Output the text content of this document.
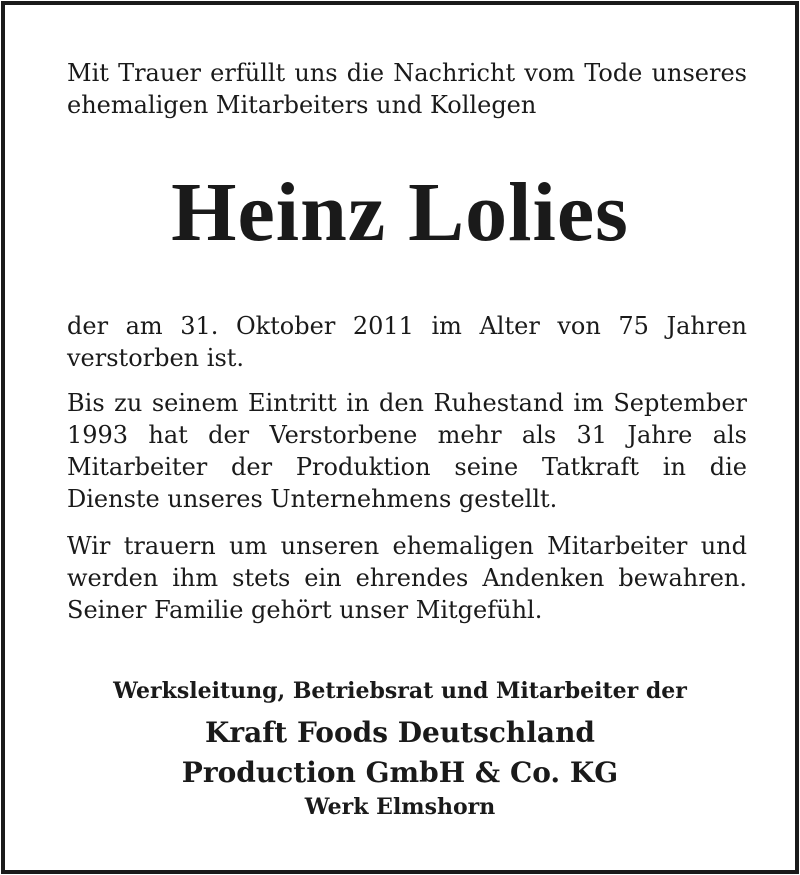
Mit Trauer erfüllt uns die Nachricht vom Tode unseres ehemaligen Mitarbeiters und Kollegen

Heinz Lolies

der am 31. Oktober 2011 im Alter von 75 Jahren verstorben ist.

Bis zu seinem Eintritt in den Ruhestand im September 1993 hat der Verstorbene mehr als 31 Jahre als Mitarbeiter der Produktion seine Tatkraft in die Dienste unseres Unternehmens gestellt.

Wir trauern um unseren ehemaligen Mitarbeiter und werden ihm stets ein ehrendes Andenken bewahren. Seiner Familie gehört unser Mitgefühl.

Werksleitung, Betriebsrat und Mitarbeiter der

Kraft Foods Deutschland

Production GmbH & Co. KG

Werk Elmshorn
